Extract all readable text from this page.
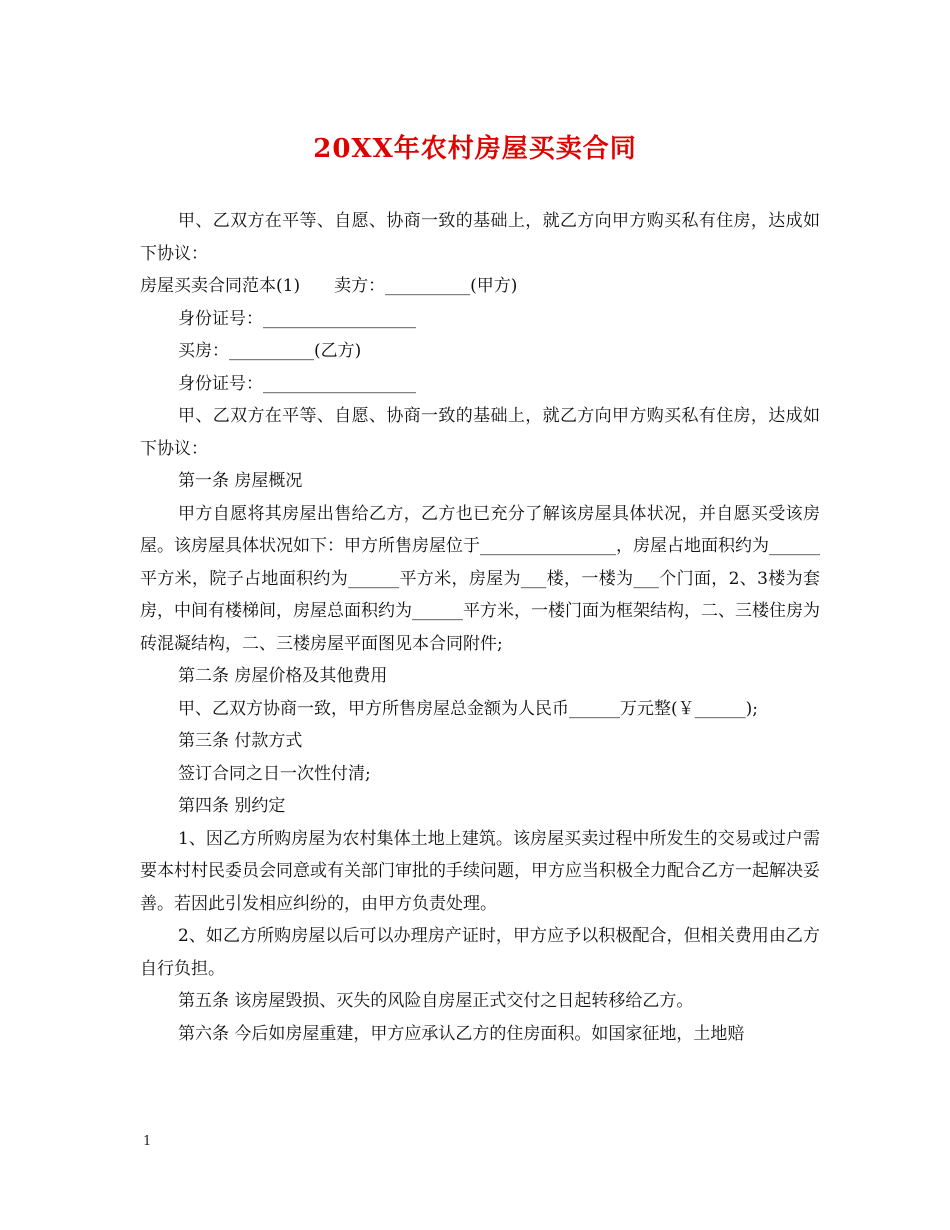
20XX年农村房屋买卖合同

甲、乙双方在平等、自愿、协商一致的基础上，就乙方向甲方购买私有住房，达成如下协议：

房屋买卖合同范本(1)　　卖方：__________(甲方)

身份证号：__________________

买房：__________(乙方)

身份证号：__________________

甲、乙双方在平等、自愿、协商一致的基础上，就乙方向甲方购买私有住房，达成如下协议：

第一条 房屋概况

甲方自愿将其房屋出售给乙方，乙方也已充分了解该房屋具体状况，并自愿买受该房屋。该房屋具体状况如下：甲方所售房屋位于________________，房屋占地面积约为______平方米，院子占地面积约为______平方米，房屋为___楼，一楼为___个门面，2、3楼为套房，中间有楼梯间，房屋总面积约为______平方米，一楼门面为框架结构，二、三楼住房为砖混凝结构，二、三楼房屋平面图见本合同附件;

第二条 房屋价格及其他费用

甲、乙双方协商一致，甲方所售房屋总金额为人民币______万元整(￥______);

第三条 付款方式

签订合同之日一次性付清;

第四条 别约定

1、因乙方所购房屋为农村集体土地上建筑。该房屋买卖过程中所发生的交易或过户需要本村村民委员会同意或有关部门审批的手续问题，甲方应当积极全力配合乙方一起解决妥善。若因此引发相应纠纷的，由甲方负责处理。

2、如乙方所购房屋以后可以办理房产证时，甲方应予以积极配合，但相关费用由乙方自行负担。

第五条 该房屋毁损、灭失的风险自房屋正式交付之日起转移给乙方。

第六条 今后如房屋重建，甲方应承认乙方的住房面积。如国家征地，土地赔

1
